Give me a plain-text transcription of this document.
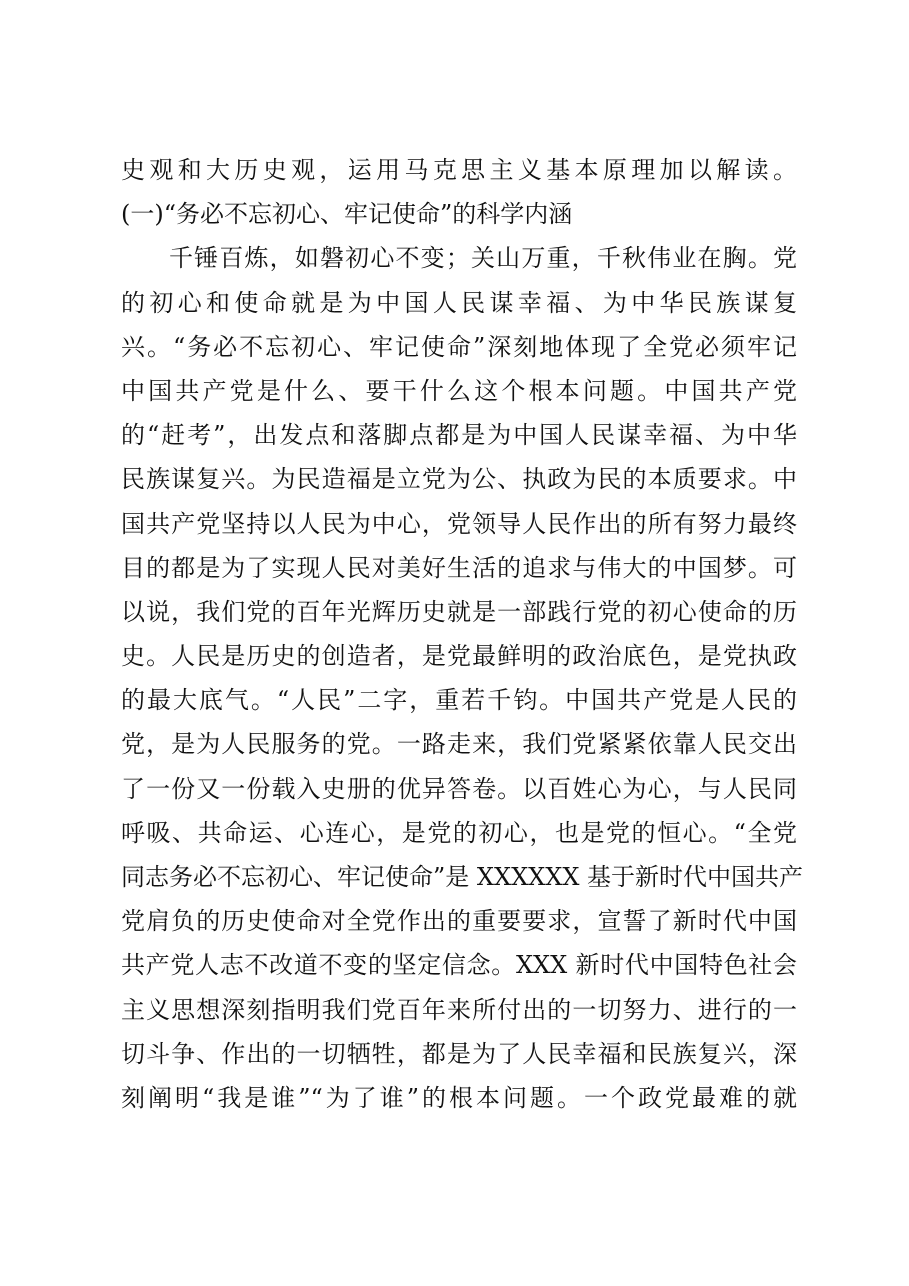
史观和大历史观，运用马克思主义基本原理加以解读。
(一)“务必不忘初心、牢记使命”的科学内涵
千锤百炼，如磐初心不变；关山万重，千秋伟业在胸。党
的初心和使命就是为中国人民谋幸福、为中华民族谋复
兴。“务必不忘初心、牢记使命”深刻地体现了全党必须牢记
中国共产党是什么、要干什么这个根本问题。中国共产党
的“赶考”，出发点和落脚点都是为中国人民谋幸福、为中华
民族谋复兴。为民造福是立党为公、执政为民的本质要求。中
国共产党坚持以人民为中心，党领导人民作出的所有努力最终
目的都是为了实现人民对美好生活的追求与伟大的中国梦。可
以说，我们党的百年光辉历史就是一部践行党的初心使命的历
史。人民是历史的创造者，是党最鲜明的政治底色，是党执政
的最大底气。“人民”二字，重若千钧。中国共产党是人民的
党，是为人民服务的党。一路走来，我们党紧紧依靠人民交出
了一份又一份载入史册的优异答卷。以百姓心为心，与人民同
呼吸、共命运、心连心，是党的初心，也是党的恒心。“全党
同志务必不忘初心、牢记使命”是 XXXXXX 基于新时代中国共产
党肩负的历史使命对全党作出的重要要求，宣誓了新时代中国
共产党人志不改道不变的坚定信念。XXX 新时代中国特色社会
主义思想深刻指明我们党百年来所付出的一切努力、进行的一
切斗争、作出的一切牺牲，都是为了人民幸福和民族复兴，深
刻阐明“我是谁”“为了谁”的根本问题。一个政党最难的就
